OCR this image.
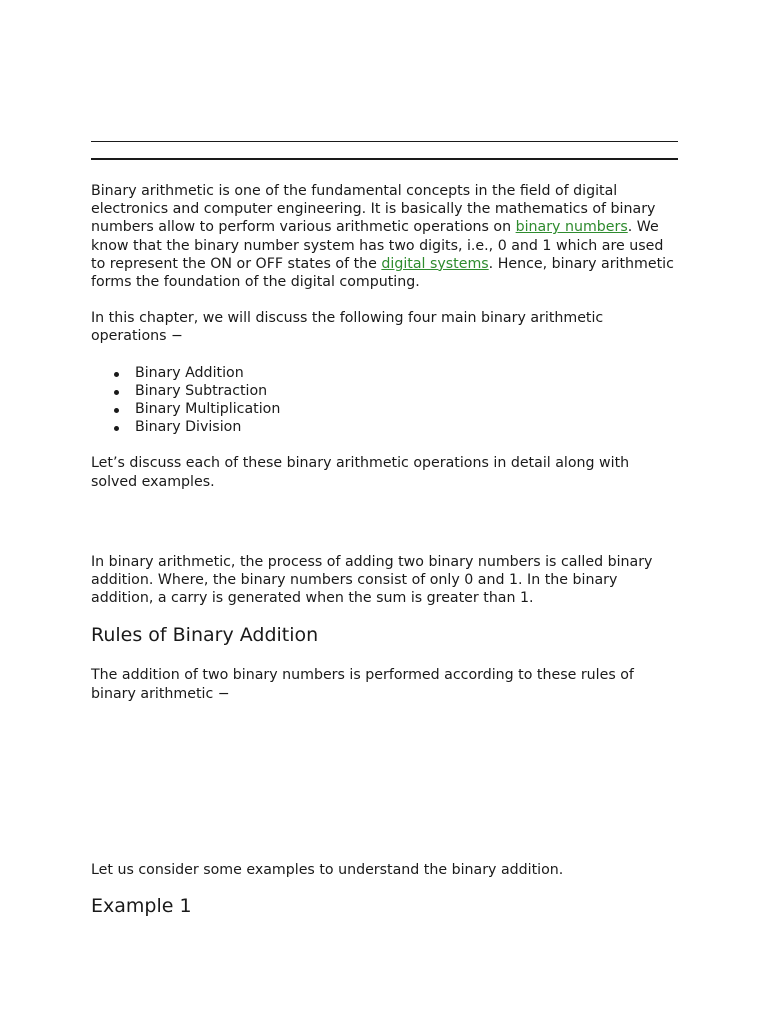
Binary arithmetic is one of the fundamental concepts in the field of digital electronics and computer engineering. It is basically the mathematics of binary numbers allow to perform various arithmetic operations on binary numbers. We know that the binary number system has two digits, i.e., 0 and 1 which are used to represent the ON or OFF states of the digital systems. Hence, binary arithmetic forms the foundation of the digital computing.

In this chapter, we will discuss the following four main binary arithmetic operations −

Binary Addition
Binary Subtraction
Binary Multiplication
Binary Division

Let’s discuss each of these binary arithmetic operations in detail along with solved examples.

In binary arithmetic, the process of adding two binary numbers is called binary addition. Where, the binary numbers consist of only 0 and 1. In the binary addition, a carry is generated when the sum is greater than 1.

Rules of Binary Addition

The addition of two binary numbers is performed according to these rules of binary arithmetic −

Let us consider some examples to understand the binary addition.

Example 1
